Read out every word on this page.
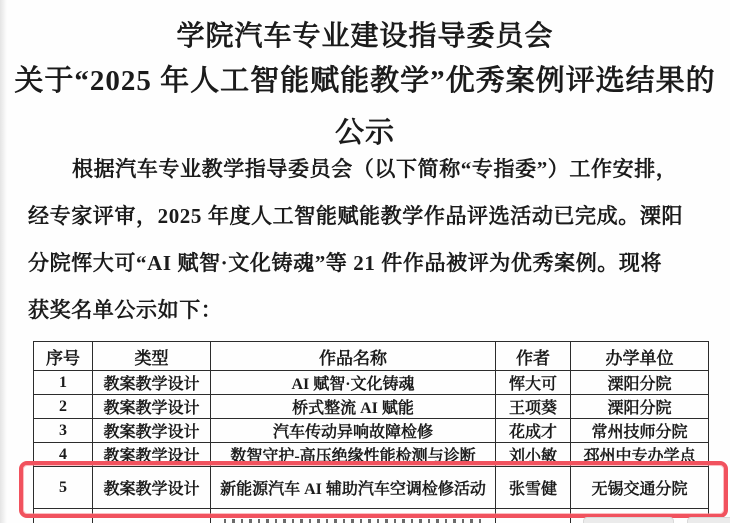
学院汽车专业建设指导委员会
关于“2025 年人工智能赋能教学”优秀案例评选结果的
公示
根据汽车专业教学指导委员会（以下简称“专指委”）工作安排，
经专家评审，2025 年度人工智能赋能教学作品评选活动已完成。溧阳
分院恽大可“AI 赋智·文化铸魂”等 21 件作品被评为优秀案例。现将
获奖名单公示如下：
序号	类型	作品名称	作者	办学单位
1	教案教学设计	AI 赋智·文化铸魂	恽大可	溧阳分院
2	教案教学设计	桥式整流 AI 赋能	王项葵	溧阳分院
3	教案教学设计	汽车传动异响故障检修	花成才	常州技师分院
4	教案教学设计	数智守护-高压绝缘性能检测与诊断	刘小敏	邳州中专办学点
5	教案教学设计	新能源汽车 AI 辅助汽车空调检修活动	张雪健	无锡交通分院
